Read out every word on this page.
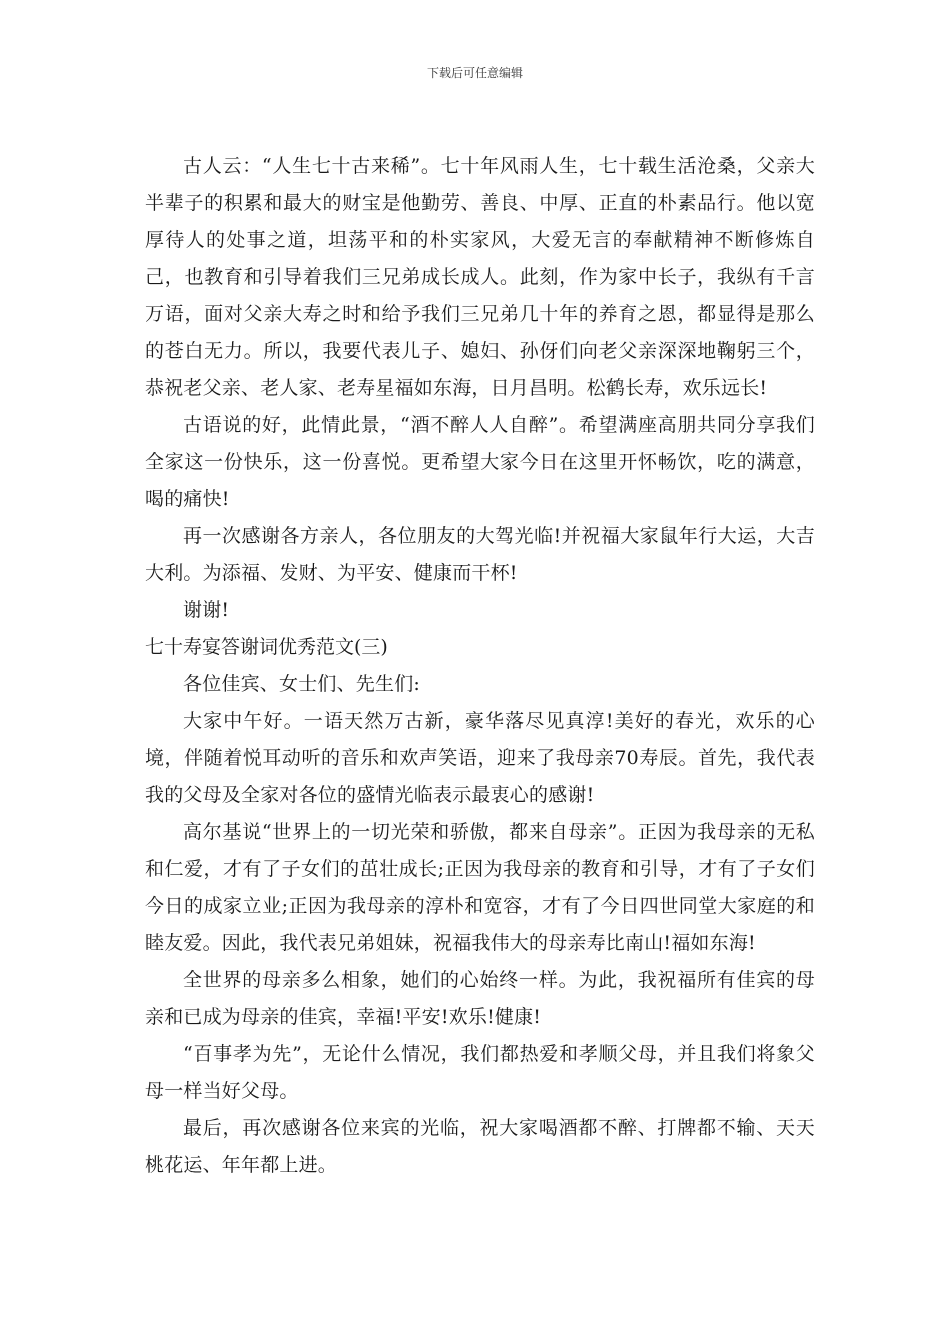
下载后可任意编辑

古人云：“人生七十古来稀”。七十年风雨人生，七十载生活沧桑，父亲大半辈子的积累和最大的财宝是他勤劳、善良、中厚、正直的朴素品行。他以宽厚待人的处事之道，坦荡平和的朴实家风，大爱无言的奉献精神不断修炼自己，也教育和引导着我们三兄弟成长成人。此刻，作为家中长子，我纵有千言万语，面对父亲大寿之时和给予我们三兄弟几十年的养育之恩，都显得是那么的苍白无力。所以，我要代表儿子、媳妇、孙伢们向老父亲深深地鞠躬三个，恭祝老父亲、老人家、老寿星福如东海，日月昌明。松鹤长寿，欢乐远长!

古语说的好，此情此景，“酒不醉人人自醉”。希望满座高朋共同分享我们全家这一份快乐，这一份喜悦。更希望大家今日在这里开怀畅饮，吃的满意，喝的痛快!

再一次感谢各方亲人，各位朋友的大驾光临!并祝福大家鼠年行大运，大吉大利。为添福、发财、为平安、健康而干杯!

谢谢!

七十寿宴答谢词优秀范文(三)

各位佳宾、女士们、先生们:

大家中午好。一语天然万古新，豪华落尽见真淳!美好的春光，欢乐的心境，伴随着悦耳动听的音乐和欢声笑语，迎来了我母亲70寿辰。首先，我代表我的父母及全家对各位的盛情光临表示最衷心的感谢!

高尔基说“世界上的一切光荣和骄傲，都来自母亲”。正因为我母亲的无私和仁爱，才有了子女们的茁壮成长;正因为我母亲的教育和引导，才有了子女们今日的成家立业;正因为我母亲的淳朴和宽容，才有了今日四世同堂大家庭的和睦友爱。因此，我代表兄弟姐妹，祝福我伟大的母亲寿比南山!福如东海!

全世界的母亲多么相象，她们的心始终一样。为此，我祝福所有佳宾的母亲和已成为母亲的佳宾，幸福!平安!欢乐!健康!

“百事孝为先”，无论什么情况，我们都热爱和孝顺父母，并且我们将象父母一样当好父母。

最后，再次感谢各位来宾的光临，祝大家喝酒都不醉、打牌都不输、天天桃花运、年年都上进。
